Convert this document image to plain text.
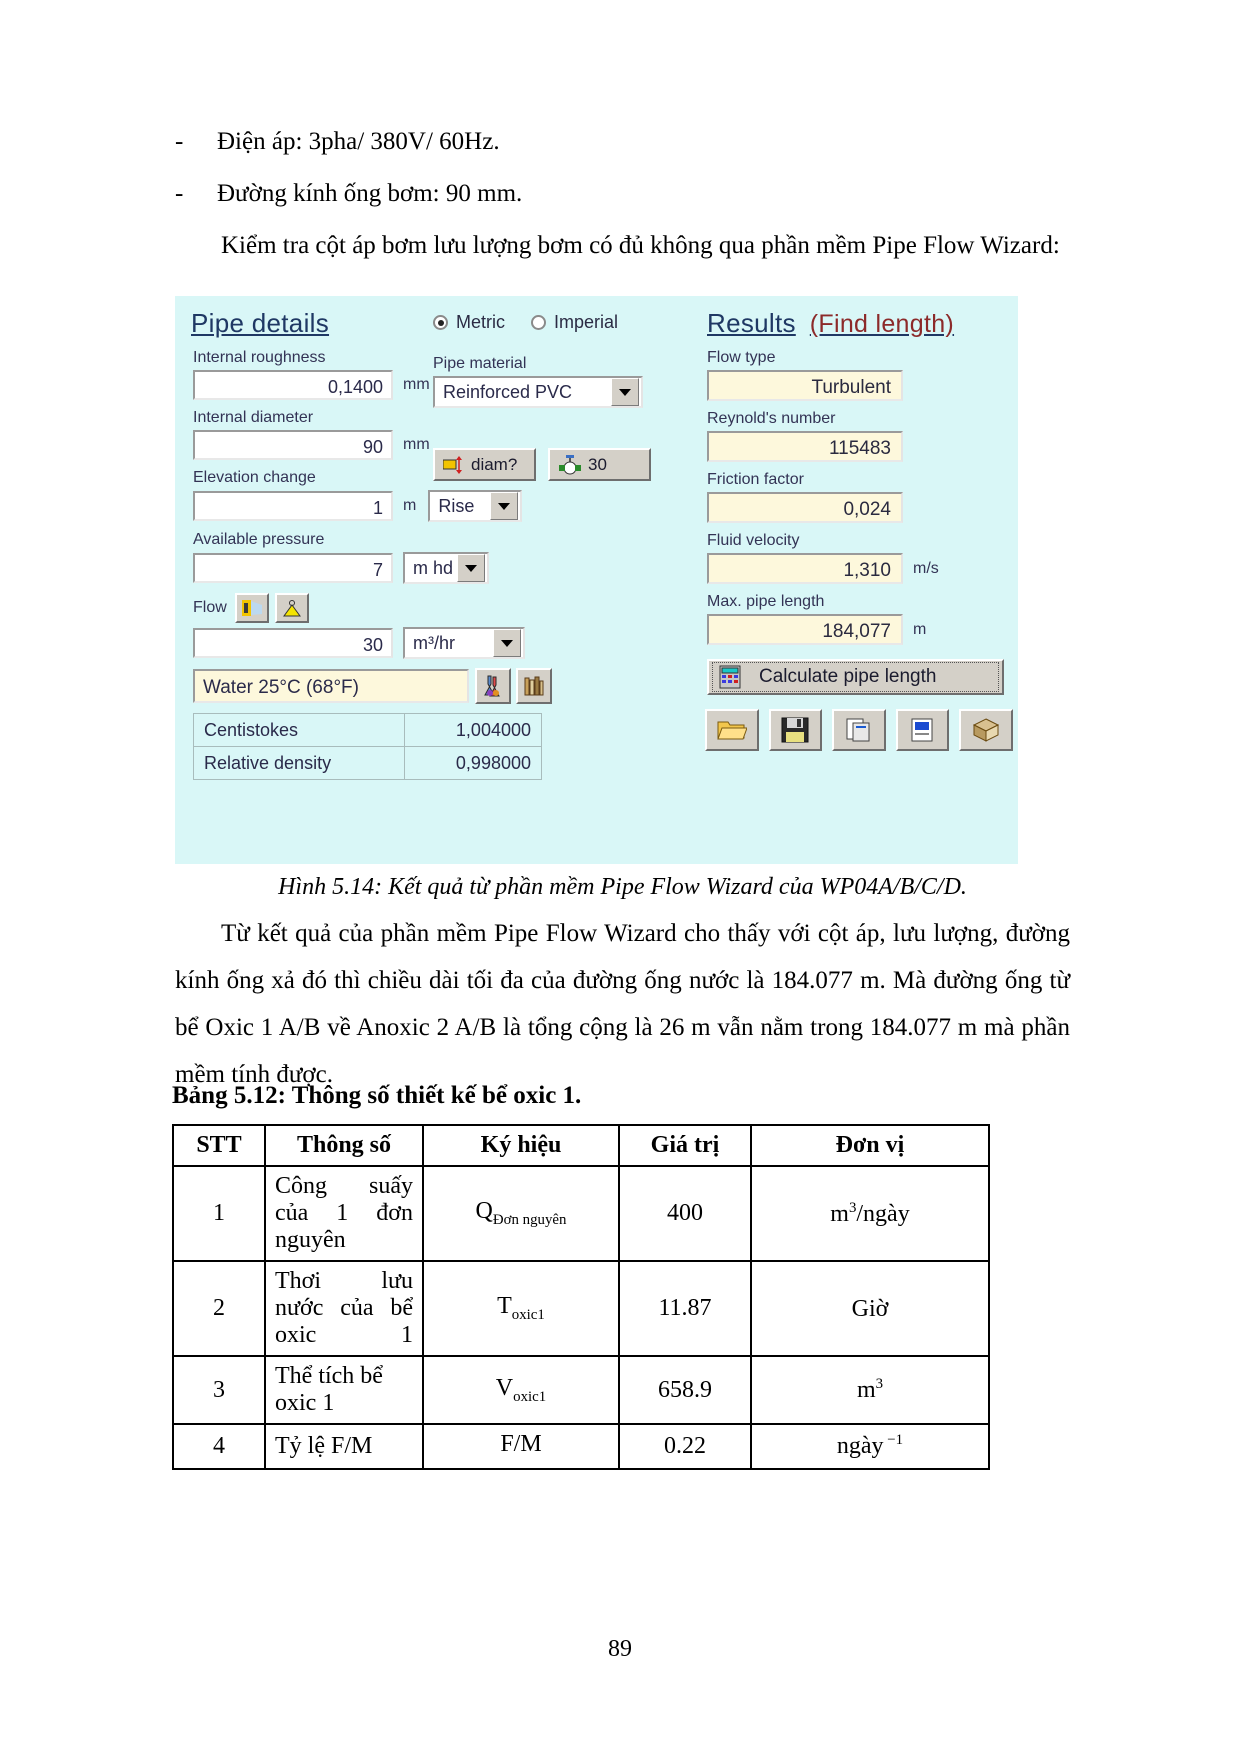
-	Điện áp: 3pha/ 380V/ 60Hz.
-	Đường kính ống bơm: 90 mm.

Kiểm tra cột áp bơm lưu lượng bơm có đủ không qua phần mềm Pipe Flow Wizard:

Pipe details
Internal roughness
0,1400	mm
Internal diameter
90	mm
Elevation change
1	m	Rise
Available pressure
7	m hd
Flow
30	m³/hr
Water 25°C (68°F)
Centistokes	1,004000
Relative density	0,998000
Metric	Imperial
Pipe material
Reinforced PVC
diam?	30
Results (Find length)
Flow type
Turbulent
Reynold's number
115483
Friction factor
0,024
Fluid velocity
1,310	m/s
Max. pipe length
184,077	m
Calculate pipe length
Hình 5.14: Kết quả từ phần mềm Pipe Flow Wizard của WP04A/B/C/D.

Từ kết quả của phần mềm Pipe Flow Wizard cho thấy với cột áp, lưu lượng, đường kính ống xả đó thì chiều dài tối đa của đường ống nước là 184.077 m. Mà đường ống từ bể Oxic 1 A/B về Anoxic 2 A/B là tổng cộng là 26 m vẫn nằm trong 184.077 m mà phần mềm tính được.

Bảng 5.12: Thông số thiết kế bể oxic 1.
STT	Thông số	Ký hiệu	Giá trị	Đơn vị
1	Công suấy của 1 đơn nguyên	$Q_{Đơn nguyên}$	400	$m^3$/ngày
2	Thơi lưu nước của bể oxic 1	$T_{oxic1}$	11.87	Giờ
3	Thể tích bể oxic 1	$V_{oxic1}$	658.9	$m^3$
4	Tỷ lệ F/M	F/M	0.22	ngày $^{-1}$
89
